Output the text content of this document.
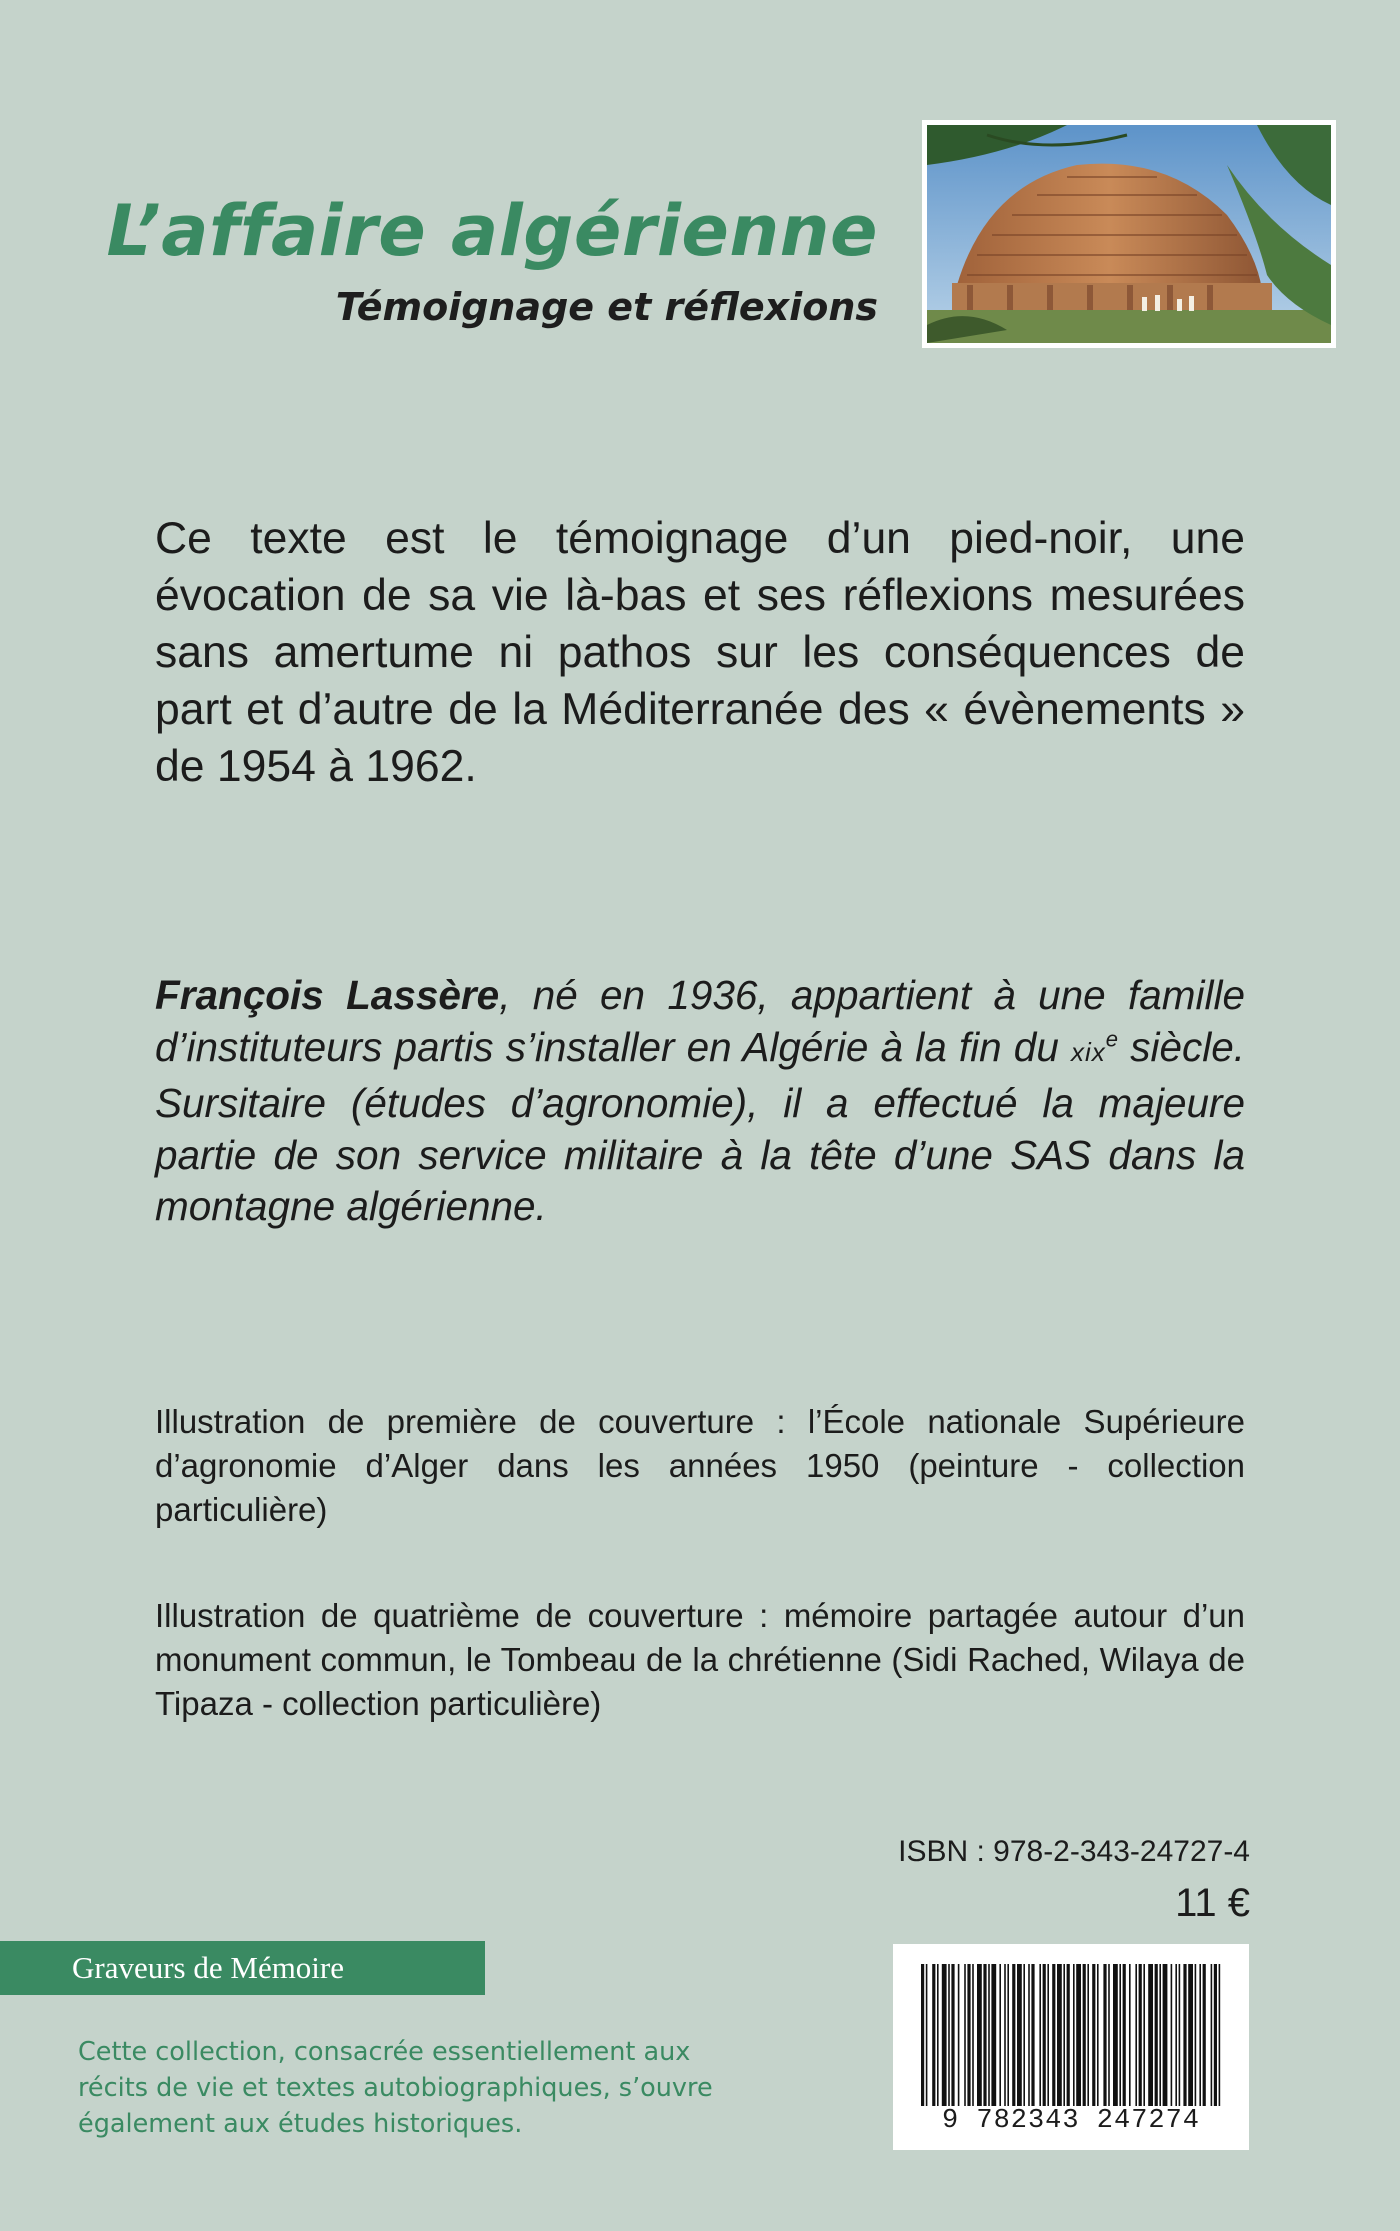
L’affaire algérienne
Témoignage et réflexions

Ce texte est le témoignage d’un pied-noir, une évocation de sa vie là-bas et ses réflexions mesurées sans amertume ni pathos sur les conséquences de part et d’autre de la Méditerranée des « évènements » de 1954 à 1962.

François Lassère, né en 1936, appartient à une famille d’instituteurs partis s’installer en Algérie à la fin du xix$^e$ siècle. Sursitaire (études d’agronomie), il a effectué la majeure partie de son service militaire à la tête d’une SAS dans la montagne algérienne.

Illustration de première de couverture : l’École nationale Supérieure d’agronomie d’Alger dans les années 1950 (peinture - collection particulière)

Illustration de quatrième de couverture : mémoire partagée autour d’un monument commun, le Tombeau de la chrétienne (Sidi Rached, Wilaya de Tipaza - collection particulière)

ISBN : 978-2-343-24727-4
11 €
Graveurs de Mémoire

Cette collection, consacrée essentiellement aux récits de vie et textes autobiographiques, s’ouvre également aux études historiques.	9 782343 247274
